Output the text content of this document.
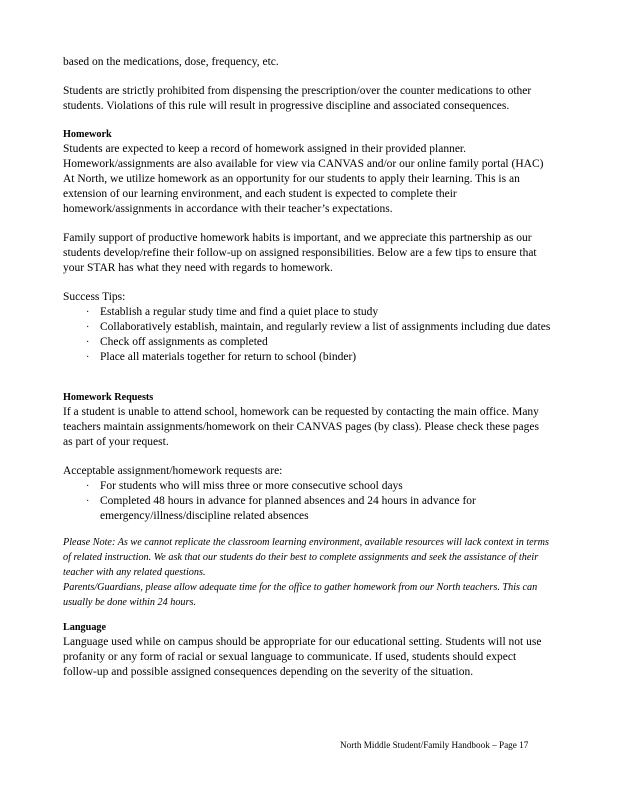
based on the medications, dose, frequency, etc.

Students are strictly prohibited from dispensing the prescription/over the counter medications to other students. Violations of this rule will result in progressive discipline and associated consequences.

Homework

Students are expected to keep a record of homework assigned in their provided planner. Homework/assignments are also available for view via CANVAS and/or our online family portal (HAC) At North, we utilize homework as an opportunity for our students to apply their learning. This is an extension of our learning environment, and each student is expected to complete their homework/assignments in accordance with their teacher’s expectations.

Family support of productive homework habits is important, and we appreciate this partnership as our students develop/refine their follow-up on assigned responsibilities. Below are a few tips to ensure that your STAR has what they need with regards to homework.

Success Tips:

· Establish a regular study time and find a quiet place to study
· Collaboratively establish, maintain, and regularly review a list of assignments including due dates
· Check off assignments as completed
· Place all materials together for return to school (binder)
Homework Requests

If a student is unable to attend school, homework can be requested by contacting the main office. Many teachers maintain assignments/homework on their CANVAS pages (by class). Please check these pages as part of your request.

Acceptable assignment/homework requests are:

· For students who will miss three or more consecutive school days
· Completed 48 hours in advance for planned absences and 24 hours in advance for emergency/illness/discipline related absences

Please Note: As we cannot replicate the classroom learning environment, available resources will lack context in terms of related instruction. We ask that our students do their best to complete assignments and seek the assistance of their teacher with any related questions.

Parents/Guardians, please allow adequate time for the office to gather homework from our North teachers. This can usually be done within 24 hours.

Language

Language used while on campus should be appropriate for our educational setting. Students will not use profanity or any form of racial or sexual language to communicate. If used, students should expect follow-up and possible assigned consequences depending on the severity of the situation.

North Middle Student/Family Handbook – Page 17
